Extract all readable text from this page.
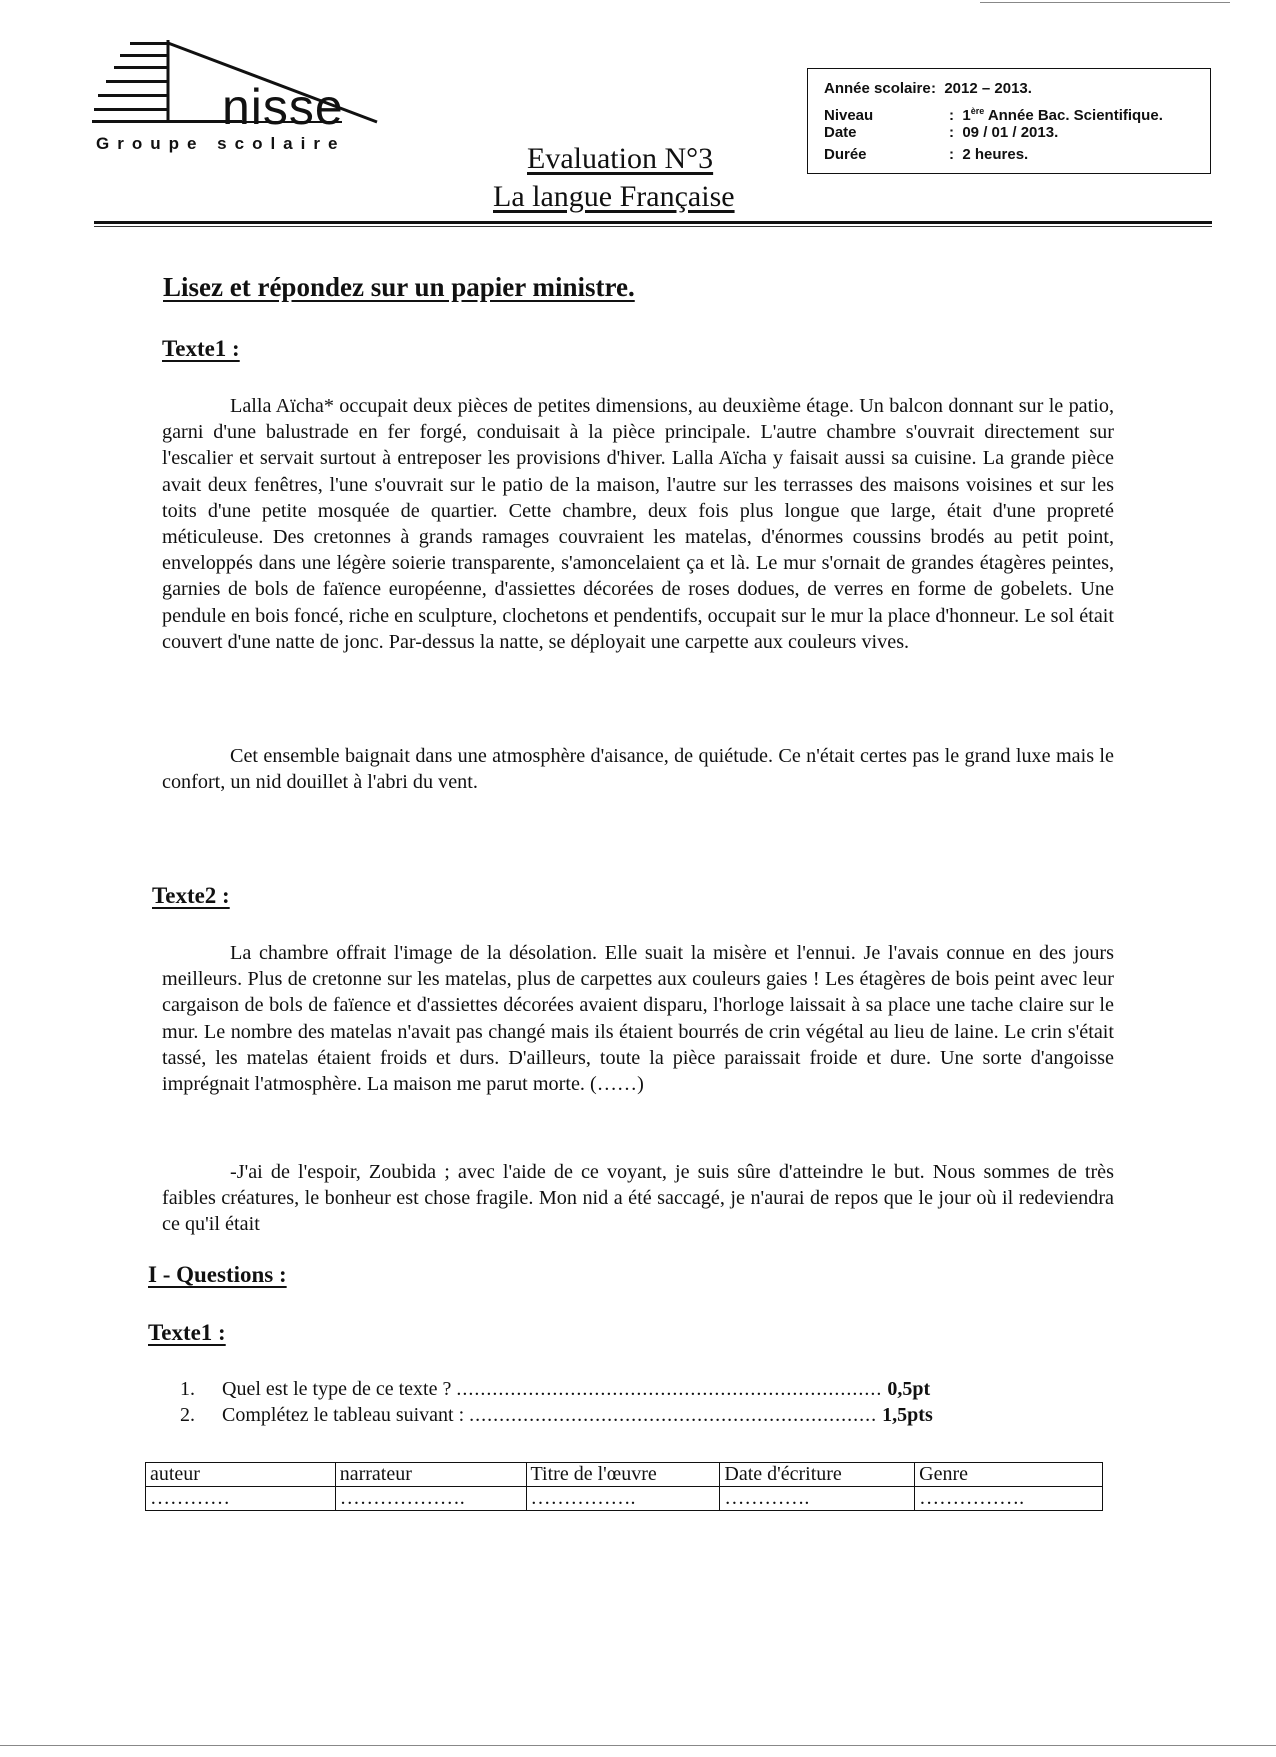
nisse
Groupe scolaire	Evaluation N°3
La langue Française
Année scolaire: 2012 – 2013.
Niveau	: 1ère Année Bac. Scientifique.
Date	: 09 / 01 / 2013.
Durée	: 2 heures.
Lisez et répondez sur un papier ministre.
Texte1 :

Lalla Aïcha* occupait deux pièces de petites dimensions, au deuxième étage. Un balcon donnant sur le patio, garni d'une balustrade en fer forgé, conduisait à la pièce principale. L'autre chambre s'ouvrait directement sur l'escalier et servait surtout à entreposer les provisions d'hiver. Lalla Aïcha y faisait aussi sa cuisine. La grande pièce avait deux fenêtres, l'une s'ouvrait sur le patio de la maison, l'autre sur les terrasses des maisons voisines et sur les toits d'une petite mosquée de quartier. Cette chambre, deux fois plus longue que large, était d'une propreté méticuleuse. Des cretonnes à grands ramages couvraient les matelas, d'énormes coussins brodés au petit point, enveloppés dans une légère soierie transparente, s'amoncelaient ça et là. Le mur s'ornait de grandes étagères peintes, garnies de bols de faïence européenne, d'assiettes décorées de roses dodues, de verres en forme de gobelets. Une pendule en bois foncé, riche en sculpture, clochetons et pendentifs, occupait sur le mur la place d'honneur. Le sol était couvert d'une natte de jonc. Par-dessus la natte, se déployait une carpette aux couleurs vives.

Cet ensemble baignait dans une atmosphère d'aisance, de quiétude. Ce n'était certes pas le grand luxe mais le confort, un nid douillet à l'abri du vent.

Texte2 :

La chambre offrait l'image de la désolation. Elle suait la misère et l'ennui. Je l'avais connue en des jours meilleurs. Plus de cretonne sur les matelas, plus de carpettes aux couleurs gaies ! Les étagères de bois peint avec leur cargaison de bols de faïence et d'assiettes décorées avaient disparu, l'horloge laissait à sa place une tache claire sur le mur. Le nombre des matelas n'avait pas changé mais ils étaient bourrés de crin végétal au lieu de laine. Le crin s'était tassé, les matelas étaient froids et durs. D'ailleurs, toute la pièce paraissait froide et dure. Une sorte d'angoisse imprégnait l'atmosphère. La maison me parut morte. (……)

-J'ai de l'espoir, Zoubida ; avec l'aide de ce voyant, je suis sûre d'atteindre le but. Nous sommes de très faibles créatures, le bonheur est chose fragile. Mon nid a été saccagé, je n'aurai de repos que le jour où il redeviendra ce qu'il était

I - Questions :
Texte1 :
1. Quel est le type de ce texte ? ....................................................................... 0,5pt
2. Complétez le tableau suivant : .................................................................... 1,5pts
auteur	narrateur	Titre de l'œuvre	Date d'écriture	Genre
…………	……………….	…………….	………….	…………….
